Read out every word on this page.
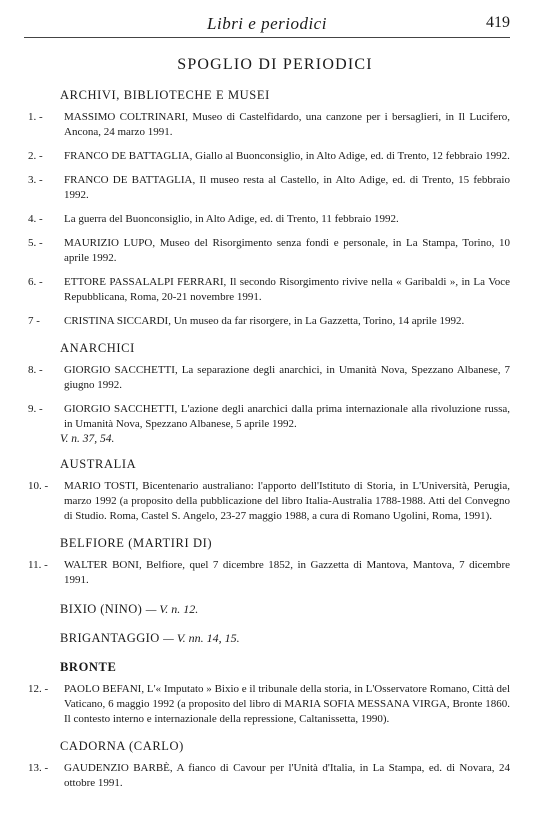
Libri e periodici	419
SPOGLIO DI PERIODICI
ARCHIVI, BIBLIOTECHE E MUSEI
1. -	MASSIMO COLTRINARI, Museo di Castelfidardo, una canzone per i bersaglieri, in Il Lucifero, Ancona, 24 marzo 1991.
2. -	FRANCO DE BATTAGLIA, Giallo al Buonconsiglio, in Alto Adige, ed. di Trento, 12 febbraio 1992.
3. -	FRANCO DE BATTAGLIA, Il museo resta al Castello, in Alto Adige, ed. di Trento, 15 febbraio 1992.
4. -	La guerra del Buonconsiglio, in Alto Adige, ed. di Trento, 11 febbraio 1992.
5. -	MAURIZIO LUPO, Museo del Risorgimento senza fondi e personale, in La Stampa, Torino, 10 aprile 1992.
6. -	ETTORE PASSALALPI FERRARI, Il secondo Risorgimento rivive nella « Garibaldi », in La Voce Repubblicana, Roma, 20-21 novembre 1991.
7 -	CRISTINA SICCARDI, Un museo da far risorgere, in La Gazzetta, Torino, 14 aprile 1992.
ANARCHICI
8. -	GIORGIO SACCHETTI, La separazione degli anarchici, in Umanità Nova, Spezzano Albanese, 7 giugno 1992.
9. -	GIORGIO SACCHETTI, L'azione degli anarchici dalla prima internazionale alla rivoluzione russa, in Umanità Nova, Spezzano Albanese, 5 aprile 1992.
V. n. 37, 54.
AUSTRALIA
10. -	MARIO TOSTI, Bicentenario australiano: l'apporto dell'Istituto di Storia, in L'Università, Perugia, marzo 1992 (a proposito della pubblicazione del libro Italia-Australia 1788-1988. Atti del Convegno di Studio. Roma, Castel S. Angelo, 23-27 maggio 1988, a cura di Romano Ugolini, Roma, 1991).
BELFIORE (MARTIRI DI)
11. -	WALTER BONI, Belfiore, quel 7 dicembre 1852, in Gazzetta di Mantova, Mantova, 7 dicembre 1991.
BIXIO (NINO) — V. n. 12.
BRIGANTAGGIO — V. nn. 14, 15.
BRONTE
12. -	PAOLO BEFANI, L'« Imputato » Bixio e il tribunale della storia, in L'Osservatore Romano, Città del Vaticano, 6 maggio 1992 (a proposito del libro di MARIA SOFIA MESSANA VIRGA, Bronte 1860. Il contesto interno e internazionale della repressione, Caltanissetta, 1990).
CADORNA (CARLO)
13. -	GAUDENZIO BARBÈ, A fianco di Cavour per l'Unità d'Italia, in La Stampa, ed. di Novara, 24 ottobre 1991.
